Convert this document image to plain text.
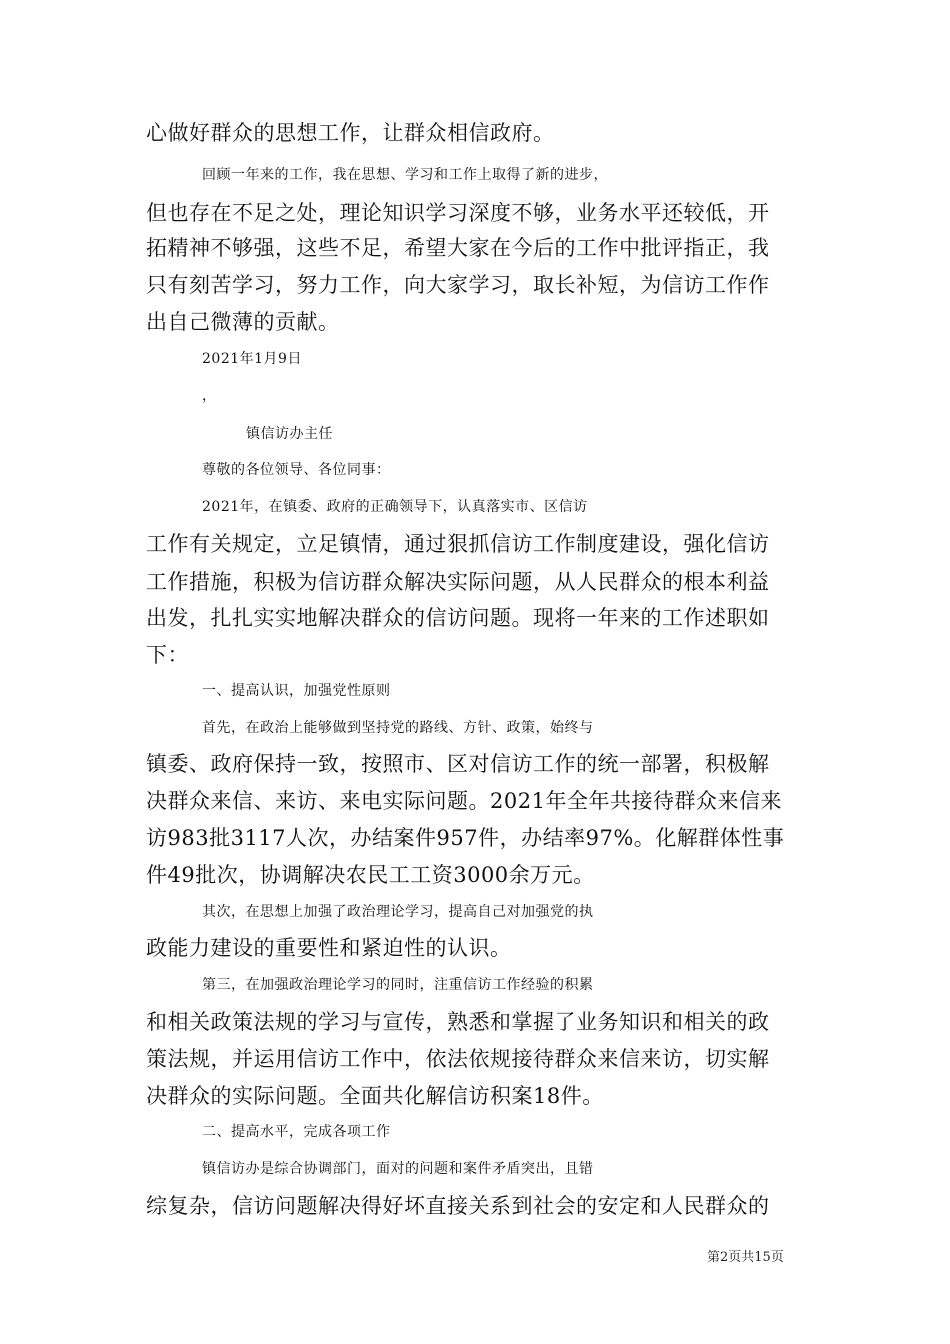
心做好群众的思想工作，让群众相信政府。
回顾一年来的工作，我在思想、学习和工作上取得了新的进步，
但也存在不足之处，理论知识学习深度不够，业务水平还较低，开
拓精神不够强，这些不足，希望大家在今后的工作中批评指正，我
只有刻苦学习，努力工作，向大家学习，取长补短，为信访工作作
出自己微薄的贡献。
2021年1月9日
，
镇信访办主任
尊敬的各位领导、各位同事：
2021年，在镇委、政府的正确领导下，认真落实市、区信访
工作有关规定，立足镇情，通过狠抓信访工作制度建设，强化信访
工作措施，积极为信访群众解决实际问题，从人民群众的根本利益
出发，扎扎实实地解决群众的信访问题。现将一年来的工作述职如
下：
一、提高认识，加强党性原则
首先，在政治上能够做到坚持党的路线、方针、政策，始终与
镇委、政府保持一致，按照市、区对信访工作的统一部署，积极解
决群众来信、来访、来电实际问题。2021年全年共接待群众来信来
访983批3117人次，办结案件957件，办结率97%。化解群体性事
件49批次，协调解决农民工工资3000余万元。
其次，在思想上加强了政治理论学习，提高自己对加强党的执
政能力建设的重要性和紧迫性的认识。
第三，在加强政治理论学习的同时，注重信访工作经验的积累
和相关政策法规的学习与宣传，熟悉和掌握了业务知识和相关的政
策法规，并运用信访工作中，依法依规接待群众来信来访，切实解
决群众的实际问题。全面共化解信访积案18件。
二、提高水平，完成各项工作
镇信访办是综合协调部门，面对的问题和案件矛盾突出，且错
综复杂，信访问题解决得好坏直接关系到社会的安定和人民群众的
第2页共15页
